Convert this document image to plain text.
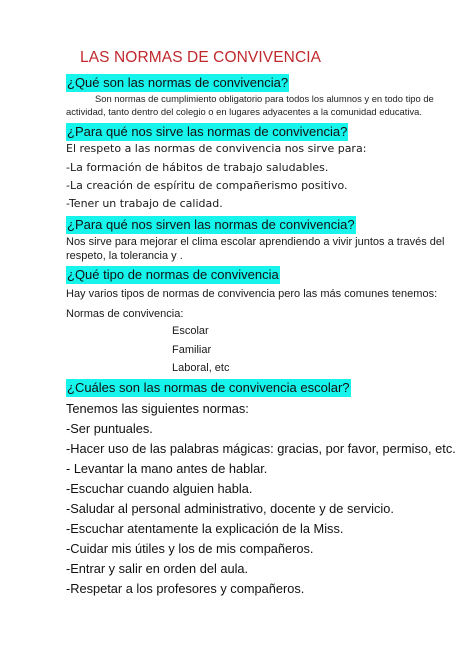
LAS NORMAS DE CONVIVENCIA
¿Qué son las normas de convivencia?
Son normas de cumplimiento obligatorio para todos los alumnos y en todo tipo de
actividad, tanto dentro del colegio o en lugares adyacentes a la comunidad educativa.
¿Para qué nos sirve las normas de convivencia?
El respeto a las normas de convivencia nos sirve para:
-La formación de hábitos de trabajo saludables.
-La creación de espíritu de compañerismo positivo.
-Tener un trabajo de calidad.
¿Para qué nos sirven las normas de convivencia?
Nos sirve para mejorar el clima escolar aprendiendo a vivir juntos a través del
respeto, la tolerancia y .
¿Qué tipo de normas de convivencia
Hay varios tipos de normas de convivencia pero las más comunes tenemos:
Normas de convivencia:
Escolar
Familiar
Laboral, etc
¿Cuáles son las normas de convivencia escolar?
Tenemos las siguientes normas:
-Ser puntuales.
-Hacer uso de las palabras mágicas: gracias, por favor, permiso, etc.
- Levantar la mano antes de hablar.
-Escuchar cuando alguien habla.
-Saludar al personal administrativo, docente y de servicio.
-Escuchar atentamente la explicación de la Miss.
-Cuidar mis útiles y los de mis compañeros.
-Entrar y salir en orden del aula.
-Respetar a los profesores y compañeros.
